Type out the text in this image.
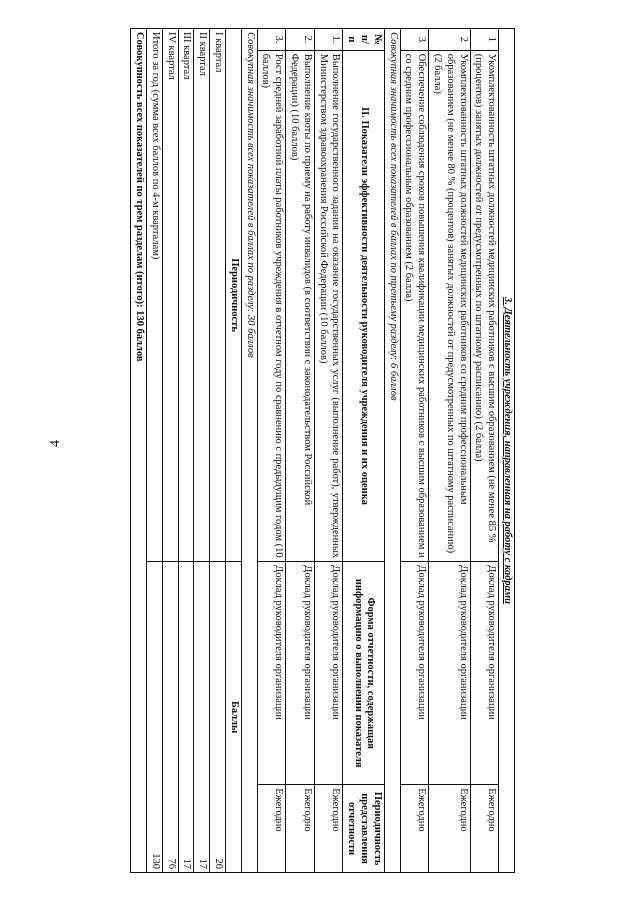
4	3. Деятельность учреждения, направленная на работу с кадрами			
1	Укомплектованность штатных должностей медицинских работников с высшим образованием (не менее 85 % (процентов) занятых должностей от предусмотренных по штатному расписанию) (2 балла)	Доклад руководителя организации	Ежегодно
2	Укомплектованность штатных должностей медицинских работников со средним профессиональным образованием (не менее 80 % (процентов) занятых должностей от предусмотренных по штатному расписанию) (2 балла)	Доклад руководителя организации	Ежегодно
3	Обеспечение соблюдения сроков повышения квалификации медицинских работников с высшим образованием и со средним профессиональным образованием (2 балла)	Доклад руководителя организации	Ежегодно
Совокупная значимость всех показателей в баллах по третьему разделу: 6 баллов			
№ п/п	II. Показатели эффективности деятельности руководителя учреждения и их оценка	Форма отчетности, содержащая информацию о выполнении показателя	Периодичность представления отчетности
1.	Выполнение государственного задания на оказание государственных услуг (выполнение работ), утвержденных Министерством здравоохранения Российской Федерации (10 баллов)	Доклад руководителя организации	Ежегодно
2.	Выполнение квоты по приему на работу инвалидов (в соответствии с законодательством Российской Федерации) (10 баллов)	Доклад руководителя организации	Ежегодно
3.	Рост средней заработной платы работников учреждения в отчетном году по сравнению с предыдущим годом (10 баллов)	Доклад руководителя организации	Ежегодно
Совокупная значимость всех показателей в баллах по разделу: 30 баллов			
Периодичность		Баллы	
I квартал		20	
II квартал		17	
III квартал		17	
IV квартал		76	
Итого за год (сумма всех баллов по 4-м кварталам)		130	
Совокупность всех показателей по трем разделам (итого): 130 баллов			
